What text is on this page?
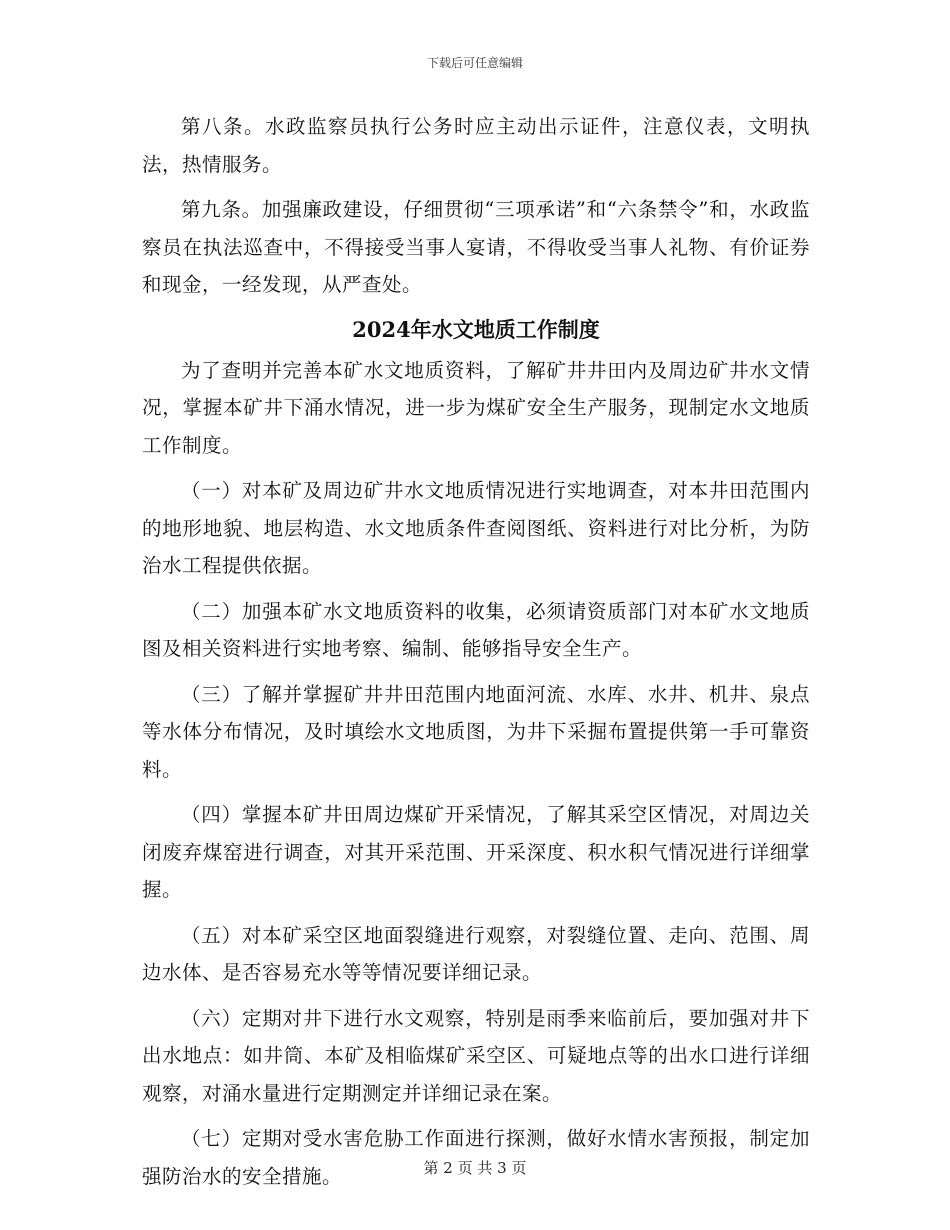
下载后可任意编辑

第八条。水政监察员执行公务时应主动出示证件，注意仪表，文明执法，热情服务。

第九条。加强廉政建设，仔细贯彻“三项承诺”和“六条禁令”和，水政监察员在执法巡查中，不得接受当事人宴请，不得收受当事人礼物、有价证券和现金，一经发现，从严查处。

2024年水文地质工作制度

为了查明并完善本矿水文地质资料，了解矿井井田内及周边矿井水文情况，掌握本矿井下涌水情况，进一步为煤矿安全生产服务，现制定水文地质工作制度。

（一）对本矿及周边矿井水文地质情况进行实地调查，对本井田范围内的地形地貌、地层构造、水文地质条件查阅图纸、资料进行对比分析，为防治水工程提供依据。

（二）加强本矿水文地质资料的收集，必须请资质部门对本矿水文地质图及相关资料进行实地考察、编制、能够指导安全生产。

（三）了解并掌握矿井井田范围内地面河流、水库、水井、机井、泉点等水体分布情况，及时填绘水文地质图，为井下采掘布置提供第一手可靠资料。

（四）掌握本矿井田周边煤矿开采情况，了解其采空区情况，对周边关闭废弃煤窑进行调查，对其开采范围、开采深度、积水积气情况进行详细掌握。

（五）对本矿采空区地面裂缝进行观察，对裂缝位置、走向、范围、周边水体、是否容易充水等等情况要详细记录。

（六）定期对井下进行水文观察，特别是雨季来临前后，要加强对井下出水地点：如井筒、本矿及相临煤矿采空区、可疑地点等的出水口进行详细观察，对涌水量进行定期测定并详细记录在案。

（七）定期对受水害危胁工作面进行探测，做好水情水害预报，制定加强防治水的安全措施。	第 2 页 共 3 页
